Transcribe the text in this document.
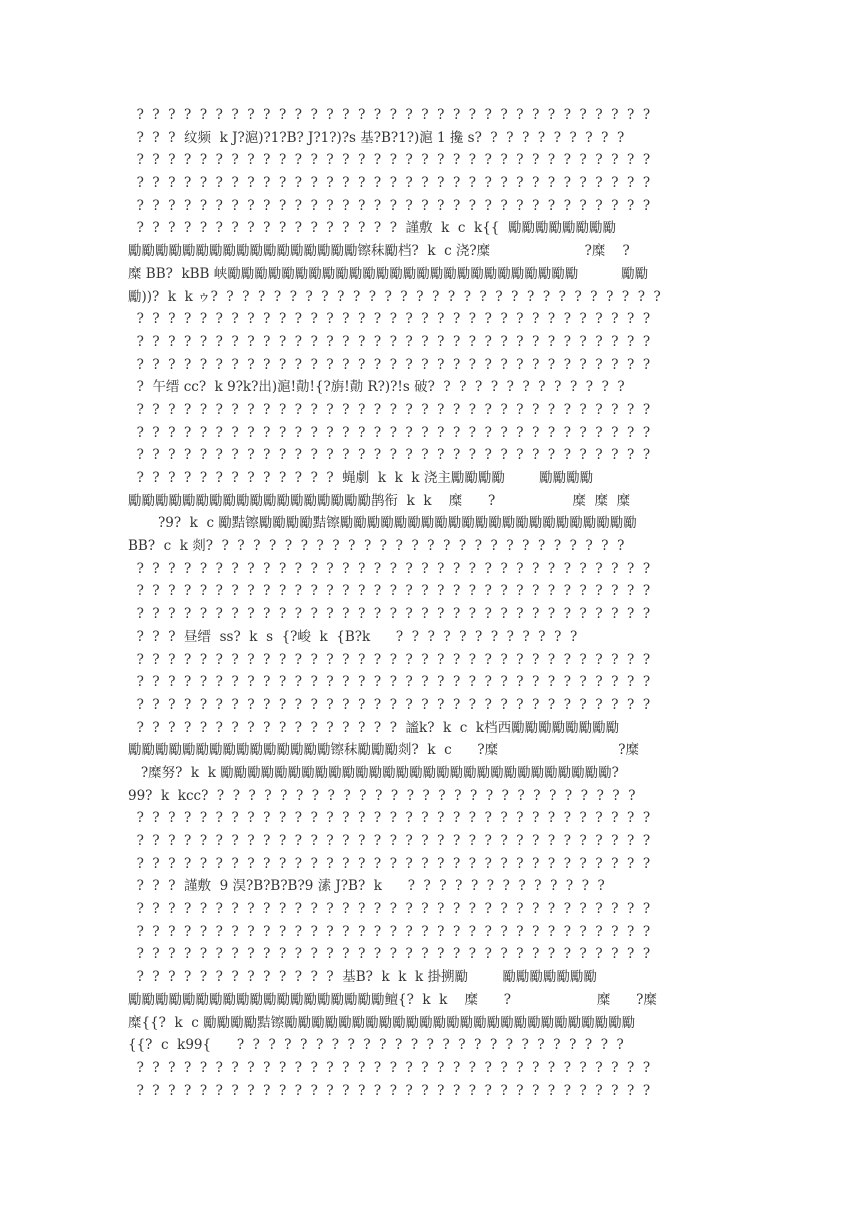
?  ?  ?  ?  ?  ?  ?  ?  ?  ?  ?  ?  ?  ?  ?  ?  ?  ?  ?  ?  ?  ?  ?  ?  ?  ?  ?  ?  ?  ?  ?  ?  ?
?  ?  ?  纹频  k J?滬)?1?B? J?1?)?s 基?B?1?)滬 1 攙 s?  ?  ?  ?  ?  ?  ?  ?  ?  ?
?  ?  ?  ?  ?  ?  ?  ?  ?  ?  ?  ?  ?  ?  ?  ?  ?  ?  ?  ?  ?  ?  ?  ?  ?  ?  ?  ?  ?  ?  ?  ?  ?
?  ?  ?  ?  ?  ?  ?  ?  ?  ?  ?  ?  ?  ?  ?  ?  ?  ?  ?  ?  ?  ?  ?  ?  ?  ?  ?  ?  ?  ?  ?  ?  ?
?  ?  ?  ?  ?  ?  ?  ?  ?  ?  ?  ?  ?  ?  ?  ?  ?  ?  ?  ?  ?  ?  ?  ?  ?  ?  ?  ?  ?  ?  ?  ?  ?
?  ?  ?  ?  ?  ?  ?  ?  ?  ?  ?  ?  ?  ?  ?  ?  ?  謹敷  k  c  k{{  勵勵勵勵勵勵勵勵
勵勵勵勵勵勵勵勵勵勵勵勵勵勵勵勵勵镲秣勵档?  k  c 浇?糜                      ?糜    ?
糜 BB?  kBB 峡勵勵勵勵勵勵勵勵勵勵勵勵勵勵勵勵勵勵勵勵勵勵勵勵勵勵          勵勵
勵))?  k  k ゥ?  ?  ?  ?  ?  ?  ?  ?  ?  ?  ?  ?  ?  ?  ?  ?  ?  ?  ?  ?  ?  ?  ?  ?  ?  ?  ?  ?  ?
?  ?  ?  ?  ?  ?  ?  ?  ?  ?  ?  ?  ?  ?  ?  ?  ?  ?  ?  ?  ?  ?  ?  ?  ?  ?  ?  ?  ?  ?  ?  ?  ?
?  ?  ?  ?  ?  ?  ?  ?  ?  ?  ?  ?  ?  ?  ?  ?  ?  ?  ?  ?  ?  ?  ?  ?  ?  ?  ?  ?  ?  ?  ?  ?  ?
?  ?  ?  ?  ?  ?  ?  ?  ?  ?  ?  ?  ?  ?  ?  ?  ?  ?  ?  ?  ?  ?  ?  ?  ?  ?  ?  ?  ?  ?  ?  ?  ?
?  午缙 cc?  k 9?k?出)滬!勣!{?旃!勣 R?)?!s 破?  ?  ?  ?  ?  ?  ?  ?  ?  ?  ?  ?  ?
?  ?  ?  ?  ?  ?  ?  ?  ?  ?  ?  ?  ?  ?  ?  ?  ?  ?  ?  ?  ?  ?  ?  ?  ?  ?  ?  ?  ?  ?  ?  ?  ?
?  ?  ?  ?  ?  ?  ?  ?  ?  ?  ?  ?  ?  ?  ?  ?  ?  ?  ?  ?  ?  ?  ?  ?  ?  ?  ?  ?  ?  ?  ?  ?  ?
?  ?  ?  ?  ?  ?  ?  ?  ?  ?  ?  ?  ?  ?  ?  ?  ?  ?  ?  ?  ?  ?  ?  ?  ?  ?  ?  ?  ?  ?  ?  ?  ?
?  ?  ?  ?  ?  ?  ?  ?  ?  ?  ?  ?  ?  蝇劇  k  k  k 浇主勵勵勵勵        勵勵勵勵
勵勵勵勵勵勵勵勵勵勵勵勵勵勵勵勵勵勵鹊衔  k  k    糜      ?                  糜  糜  糜
?9?  k  c 勵黠镲勵勵勵勵黠镲勵勵勵勵勵勵勵勵勵勵勵勵勵勵勵勵勵勵勵勵勵勵
BB?  c  k 剡?  ?  ?  ?  ?  ?  ?  ?  ?  ?  ?  ?  ?  ?  ?  ?  ?  ?  ?  ?  ?  ?  ?  ?  ?  ?  ?
?  ?  ?  ?  ?  ?  ?  ?  ?  ?  ?  ?  ?  ?  ?  ?  ?  ?  ?  ?  ?  ?  ?  ?  ?  ?  ?  ?  ?  ?  ?  ?  ?
?  ?  ?  ?  ?  ?  ?  ?  ?  ?  ?  ?  ?  ?  ?  ?  ?  ?  ?  ?  ?  ?  ?  ?  ?  ?  ?  ?  ?  ?  ?  ?  ?
?  ?  ?  ?  ?  ?  ?  ?  ?  ?  ?  ?  ?  ?  ?  ?  ?  ?  ?  ?  ?  ?  ?  ?  ?  ?  ?  ?  ?  ?  ?  ?  ?
?  ?  ?  昼缙  ss?  k  s  {?峻  k  {B?k      ?  ?  ?  ?  ?  ?  ?  ?  ?  ?  ?  ?
?  ?  ?  ?  ?  ?  ?  ?  ?  ?  ?  ?  ?  ?  ?  ?  ?  ?  ?  ?  ?  ?  ?  ?  ?  ?  ?  ?  ?  ?  ?  ?  ?
?  ?  ?  ?  ?  ?  ?  ?  ?  ?  ?  ?  ?  ?  ?  ?  ?  ?  ?  ?  ?  ?  ?  ?  ?  ?  ?  ?  ?  ?  ?  ?  ?
?  ?  ?  ?  ?  ?  ?  ?  ?  ?  ?  ?  ?  ?  ?  ?  ?  ?  ?  ?  ?  ?  ?  ?  ?  ?  ?  ?  ?  ?  ?  ?  ?
?  ?  ?  ?  ?  ?  ?  ?  ?  ?  ?  ?  ?  ?  ?  ?  ?  謐k?  k  c  k档西勵勵勵勵勵勵勵勵
勵勵勵勵勵勵勵勵勵勵勵勵勵勵勵镲秣勵勵勵剡?  k  c      ?糜                            ?糜
?糜努?  k  k 勵勵勵勵勵勵勵勵勵勵勵勵勵勵勵勵勵勵勵勵勵勵勵勵勵勵勵勵勵?
99?  k  kcc?  ?  ?  ?  ?  ?  ?  ?  ?  ?  ?  ?  ?  ?  ?  ?  ?  ?  ?  ?  ?  ?  ?  ?  ?  ?  ?  ?
?  ?  ?  ?  ?  ?  ?  ?  ?  ?  ?  ?  ?  ?  ?  ?  ?  ?  ?  ?  ?  ?  ?  ?  ?  ?  ?  ?  ?  ?  ?  ?  ?
?  ?  ?  ?  ?  ?  ?  ?  ?  ?  ?  ?  ?  ?  ?  ?  ?  ?  ?  ?  ?  ?  ?  ?  ?  ?  ?  ?  ?  ?  ?  ?  ?
?  ?  ?  ?  ?  ?  ?  ?  ?  ?  ?  ?  ?  ?  ?  ?  ?  ?  ?  ?  ?  ?  ?  ?  ?  ?  ?  ?  ?  ?  ?  ?  ?
?  ?  ?  謹敷  9 淏?B?B?B?9 溸 J?B?  k      ?  ?  ?  ?  ?  ?  ?  ?  ?  ?  ?  ?  ?
?  ?  ?  ?  ?  ?  ?  ?  ?  ?  ?  ?  ?  ?  ?  ?  ?  ?  ?  ?  ?  ?  ?  ?  ?  ?  ?  ?  ?  ?  ?  ?  ?
?  ?  ?  ?  ?  ?  ?  ?  ?  ?  ?  ?  ?  ?  ?  ?  ?  ?  ?  ?  ?  ?  ?  ?  ?  ?  ?  ?  ?  ?  ?  ?  ?
?  ?  ?  ?  ?  ?  ?  ?  ?  ?  ?  ?  ?  ?  ?  ?  ?  ?  ?  ?  ?  ?  ?  ?  ?  ?  ?  ?  ?  ?  ?  ?  ?
?  ?  ?  ?  ?  ?  ?  ?  ?  ?  ?  ?  ?  基B?  k  k  k 掛搠勵        勵勵勵勵勵勵勵
勵勵勵勵勵勵勵勵勵勵勵勵勵勵勵勵勵勵勵鳣{?  k  k    糜      ?                    糜      ?糜
糜{{?  k  c 勵勵勵勵黠镲勵勵勵勵勵勵勵勵勵勵勵勵勵勵勵勵勵勵勵勵勵勵勵勵勵勵
{{?  c  k99{      ?  ?  ?  ?  ?  ?  ?  ?  ?  ?  ?  ?  ?  ?  ?  ?  ?  ?  ?  ?  ?  ?  ?  ?  ?
?  ?  ?  ?  ?  ?  ?  ?  ?  ?  ?  ?  ?  ?  ?  ?  ?  ?  ?  ?  ?  ?  ?  ?  ?  ?  ?  ?  ?  ?  ?  ?  ?
?  ?  ?  ?  ?  ?  ?  ?  ?  ?  ?  ?  ?  ?  ?  ?  ?  ?  ?  ?  ?  ?  ?  ?  ?  ?  ?  ?  ?  ?  ?  ?  ?
